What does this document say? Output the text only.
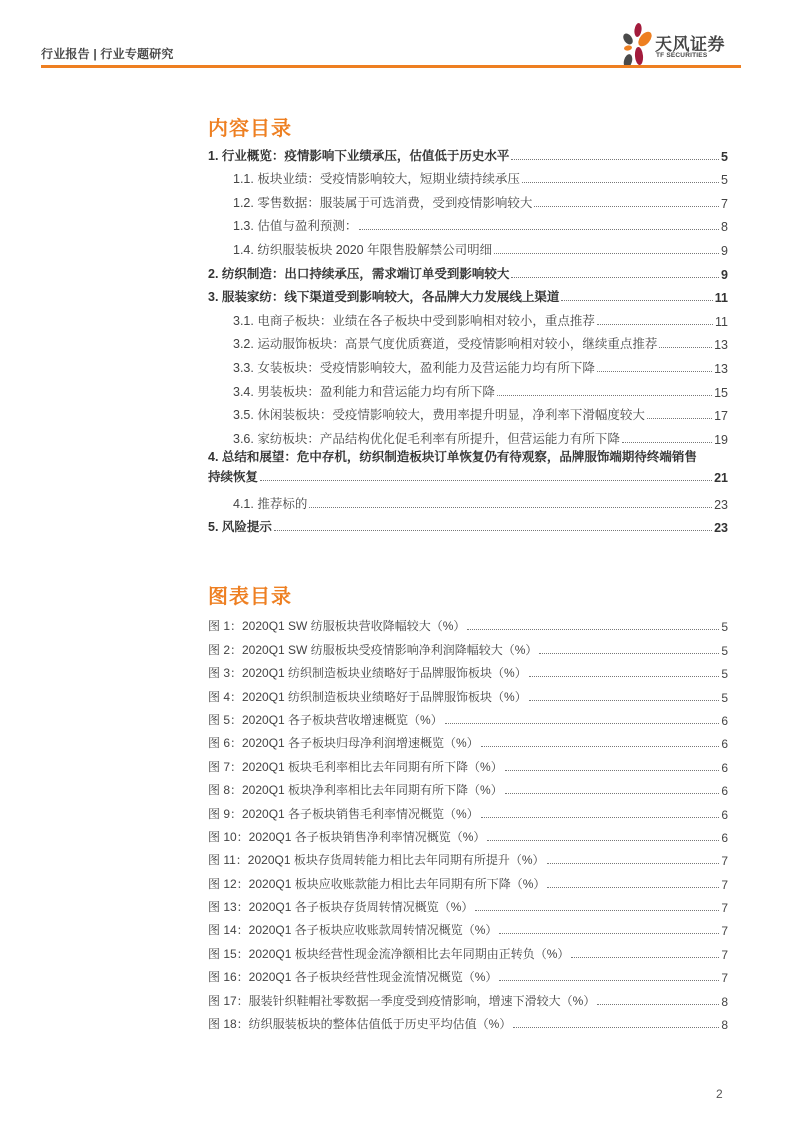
行业报告 | 行业专题研究	天风证券
TF SECURITIES
内容目录
1. 行业概览：疫情影响下业绩承压，估值低于历史水平	5
1.1. 板块业绩：受疫情影响较大，短期业绩持续承压	5
1.2. 零售数据：服装属于可选消费，受到疫情影响较大	7
1.3. 估值与盈利预测：	8
1.4. 纺织服装板块 2020 年限售股解禁公司明细	9
2. 纺织制造：出口持续承压，需求端订单受到影响较大	9
3. 服装家纺：线下渠道受到影响较大，各品牌大力发展线上渠道	11
3.1. 电商子板块：业绩在各子板块中受到影响相对较小，重点推荐	11
3.2. 运动服饰板块：高景气度优质赛道，受疫情影响相对较小，继续重点推荐	13
3.3. 女装板块：受疫情影响较大，盈利能力及营运能力均有所下降	13
3.4. 男装板块：盈利能力和营运能力均有所下降	15
3.5. 休闲装板块：受疫情影响较大，费用率提升明显，净利率下滑幅度较大	17
3.6. 家纺板块：产品结构优化促毛利率有所提升，但营运能力有所下降	19
4. 总结和展望：危中存机，纺织制造板块订单恢复仍有待观察，品牌服饰端期待终端销售
持续恢复	21
4.1. 推荐标的	23
5. 风险提示	23
图表目录
图 1：2020Q1 SW 纺服板块营收降幅较大（%）	5
图 2：2020Q1 SW 纺服板块受疫情影响净利润降幅较大（%）	5
图 3：2020Q1 纺织制造板块业绩略好于品牌服饰板块（%）	5
图 4：2020Q1 纺织制造板块业绩略好于品牌服饰板块（%）	5
图 5：2020Q1 各子板块营收增速概览（%）	6
图 6：2020Q1 各子板块归母净利润增速概览（%）	6
图 7：2020Q1 板块毛利率相比去年同期有所下降（%）	6
图 8：2020Q1 板块净利率相比去年同期有所下降（%）	6
图 9：2020Q1 各子板块销售毛利率情况概览（%）	6
图 10：2020Q1 各子板块销售净利率情况概览（%）	6
图 11：2020Q1 板块存货周转能力相比去年同期有所提升（%）	7
图 12：2020Q1 板块应收账款能力相比去年同期有所下降（%）	7
图 13：2020Q1 各子板块存货周转情况概览（%）	7
图 14：2020Q1 各子板块应收账款周转情况概览（%）	7
图 15：2020Q1 板块经营性现金流净额相比去年同期由正转负（%）	7
图 16：2020Q1 各子板块经营性现金流情况概览（%）	7
图 17：服装针织鞋帽社零数据一季度受到疫情影响，增速下滑较大（%）	8
图 18：纺织服装板块的整体估值低于历史平均估值（%）	8
2
